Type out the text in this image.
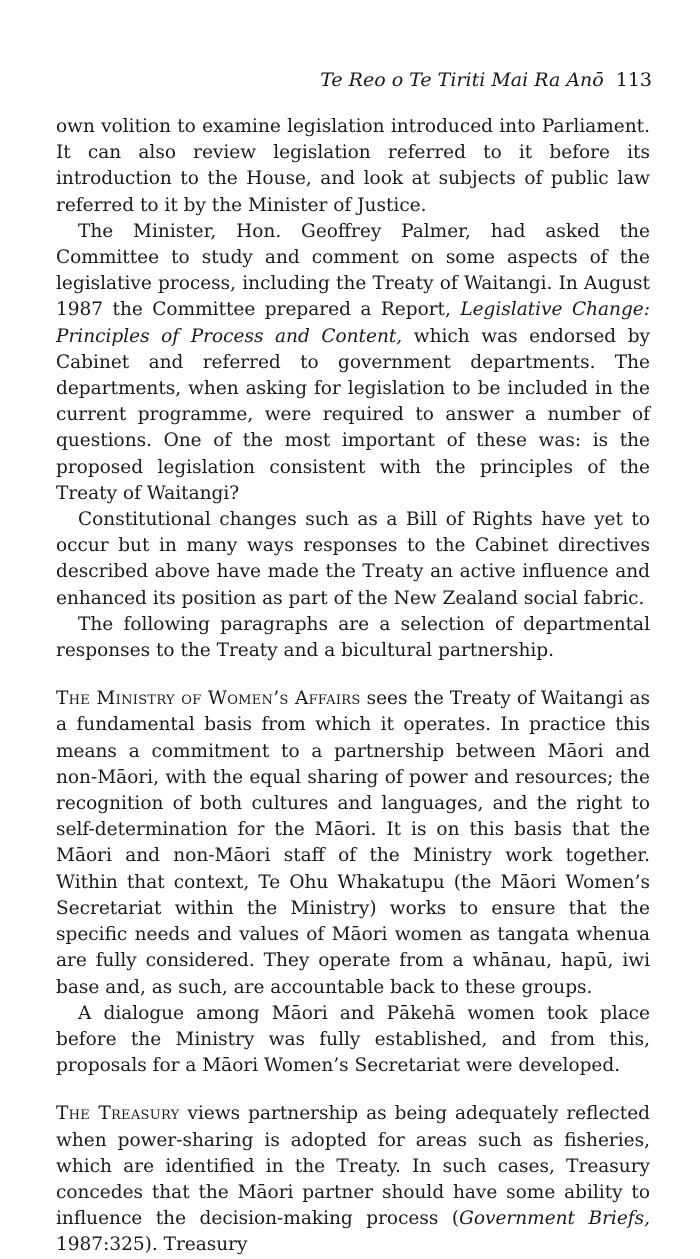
Te Reo o Te Tiriti Mai Ra Anō 113

own volition to examine legislation introduced into Parliament. It can also review legislation referred to it before its introduction to the House, and look at subjects of public law referred to it by the Minister of Justice.

The Minister, Hon. Geoffrey Palmer, had asked the Committee to study and comment on some aspects of the legislative process, including the Treaty of Waitangi. In August 1987 the Committee prepared a Report, Legislative Change: Principles of Process and Content, which was endorsed by Cabinet and referred to government departments. The departments, when asking for legislation to be included in the current programme, were required to answer a number of questions. One of the most important of these was: is the proposed legislation consistent with the principles of the Treaty of Waitangi?

Constitutional changes such as a Bill of Rights have yet to occur but in many ways responses to the Cabinet directives described above have made the Treaty an active influence and enhanced its position as part of the New Zealand social fabric.

The following paragraphs are a selection of departmental responses to the Treaty and a bicultural partnership.

The Ministry of Women’s Affairs sees the Treaty of Waitangi as a fundamental basis from which it operates. In practice this means a commitment to a partnership between Māori and non-Māori, with the equal sharing of power and resources; the recognition of both cultures and languages, and the right to self-determination for the Māori. It is on this basis that the Māori and non-Māori staff of the Ministry work together. Within that context, Te Ohu Whakatupu (the Māori Women’s Secretariat within the Ministry) works to ensure that the specific needs and values of Māori women as tangata whenua are fully considered. They operate from a whānau, hapū, iwi base and, as such, are accountable back to these groups.

A dialogue among Māori and Pākehā women took place before the Ministry was fully established, and from this, proposals for a Māori Women’s Secretariat were developed.

The Treasury views partnership as being adequately reflected when power-sharing is adopted for areas such as fisheries, which are identified in the Treaty. In such cases, Treasury concedes that the Māori partner should have some ability to influence the decision-making process (Government Briefs, 1987:325). Treasury
